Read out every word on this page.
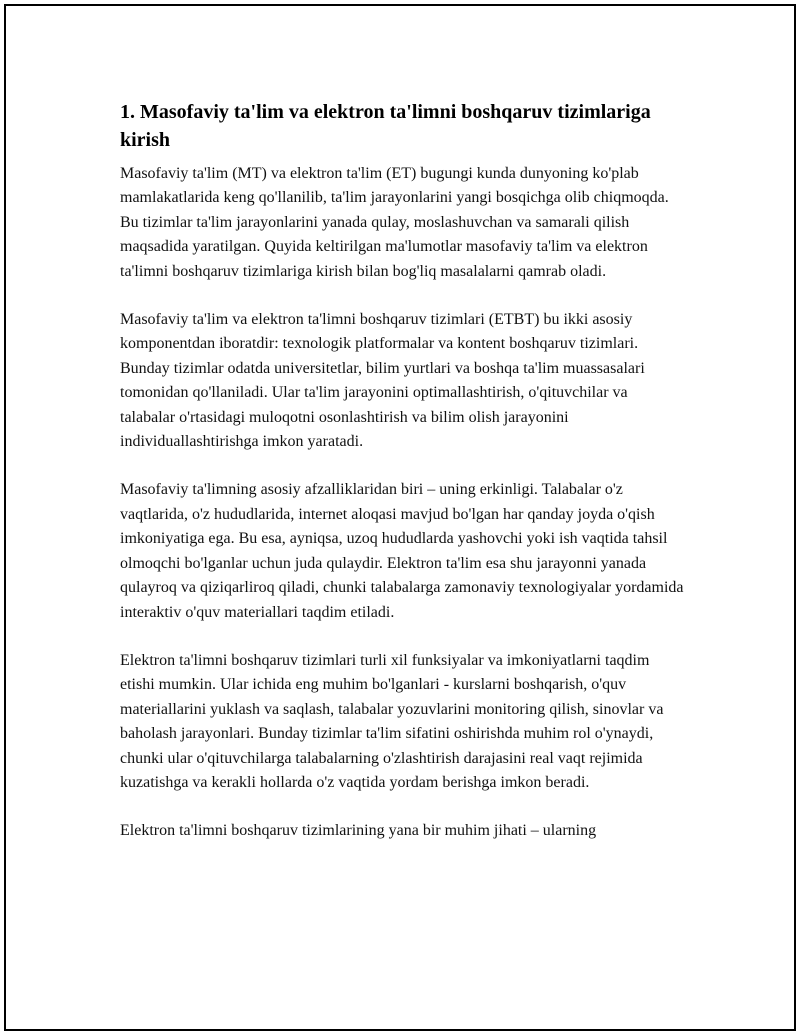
1. Masofaviy ta'lim va elektron ta'limni boshqaruv tizimlariga kirish

Masofaviy ta'lim (MT) va elektron ta'lim (ET) bugungi kunda dunyoning ko'plab mamlakatlarida keng qo'llanilib, ta'lim jarayonlarini yangi bosqichga olib chiqmoqda. Bu tizimlar ta'lim jarayonlarini yanada qulay, moslashuvchan va samarali qilish maqsadida yaratilgan. Quyida keltirilgan ma'lumotlar masofaviy ta'lim va elektron ta'limni boshqaruv tizimlariga kirish bilan bog'liq masalalarni qamrab oladi.

Masofaviy ta'lim va elektron ta'limni boshqaruv tizimlari (ETBT) bu ikki asosiy komponentdan iboratdir: texnologik platformalar va kontent boshqaruv tizimlari. Bunday tizimlar odatda universitetlar, bilim yurtlari va boshqa ta'lim muassasalari tomonidan qo'llaniladi. Ular ta'lim jarayonini optimallashtirish, o'qituvchilar va talabalar o'rtasidagi muloqotni osonlashtirish va bilim olish jarayonini individuallashtirishga imkon yaratadi.

Masofaviy ta'limning asosiy afzalliklaridan biri – uning erkinligi. Talabalar o'z vaqtlarida, o'z hududlarida, internet aloqasi mavjud bo'lgan har qanday joyda o'qish imkoniyatiga ega. Bu esa, ayniqsa, uzoq hududlarda yashovchi yoki ish vaqtida tahsil olmoqchi bo'lganlar uchun juda qulaydir. Elektron ta'lim esa shu jarayonni yanada qulayroq va qiziqarliroq qiladi, chunki talabalarga zamonaviy texnologiyalar yordamida interaktiv o'quv materiallari taqdim etiladi.

Elektron ta'limni boshqaruv tizimlari turli xil funksiyalar va imkoniyatlarni taqdim etishi mumkin. Ular ichida eng muhim bo'lganlari - kurslarni boshqarish, o'quv materiallarini yuklash va saqlash, talabalar yozuvlarini monitoring qilish, sinovlar va baholash jarayonlari. Bunday tizimlar ta'lim sifatini oshirishda muhim rol o'ynaydi, chunki ular o'qituvchilarga talabalarning o'zlashtirish darajasini real vaqt rejimida kuzatishga va kerakli hollarda o'z vaqtida yordam berishga imkon beradi.

Elektron ta'limni boshqaruv tizimlarining yana bir muhim jihati – ularning
